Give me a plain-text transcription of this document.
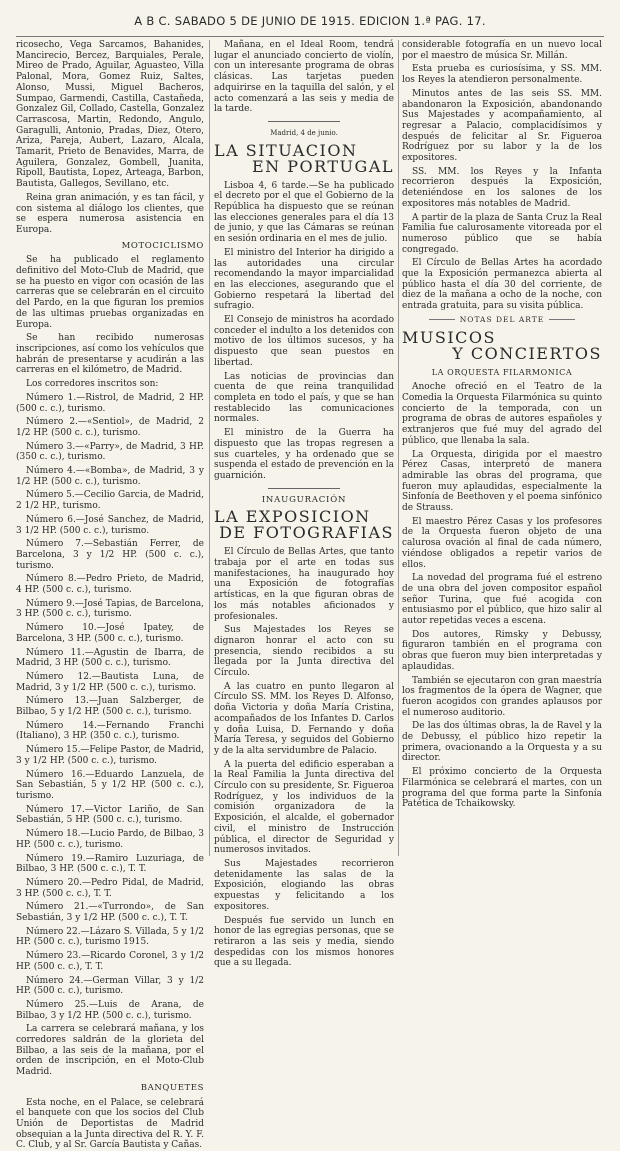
A B C. SABADO 5 DE JUNIO DE 1915. EDICION 1.ª PAG. 17.

ricosecho, Vega Sarcamos, Bahanides, Mancirecio, Bercez, Barquiales, Perale, Mireo de Prado, Aguilar, Aguasteo, Villa Palonal, Mora, Gomez Ruiz, Saltes, Alonso, Mussi, Miguel Bacheros, Sumpao, Garmendi, Castilla, Castañeda, Gonzalez Gil, Collado, Castella, Gonzalez Carrascosa, Martin, Redondo, Angulo, Garagulli, Antonio, Pradas, Diez, Otero, Ariza, Pareja, Aubert, Lazaro, Alcala, Tamarit, Prieto de Benavides, Marra, de Aguilera, Gonzalez, Gombell, Juanita, Ripoll, Bautista, Lopez, Arteaga, Barbon, Bautista, Gallegos, Sevillano, etc.

Reina gran animación, y es tan fácil, y con sistema al diálogo los clientes, que se espera numerosa asistencia en Europa.

MOTOCICLISMO

Se ha publicado el reglamento definitivo del Moto-Club de Madrid, que se ha puesto en vigor con ocasión de las carreras que se celebrarán en el circuito del Pardo, en la que figuran los premios de las ultimas pruebas organizadas en Europa.

Se han recibido numerosas inscripciones, así como los vehículos que habrán de presentarse y acudirán a las carreras en el kilómetro, de Madrid.

Los corredores inscritos son:

Número 1.—Ristrol, de Madrid, 2 HP. (500 c. c.), turismo.

Número 2.—«Sentiol», de Madrid, 2 1/2 HP. (500 c. c.), turismo.

Número 3.—«Parry», de Madrid, 3 HP. (350 c. c.), turismo.

Número 4.—«Bomba», de Madrid, 3 y 1/2 HP. (500 c. c.), turismo.

Número 5.—Cecilio Garcia, de Madrid, 2 1/2 HP., turismo.

Número 6.—José Sanchez, de Madrid, 3 1/2 HP. (500 c. c.), turismo.

Número 7.—Sebastián Ferrer, de Barcelona, 3 y 1/2 HP. (500 c. c.), turismo.

Número 8.—Pedro Prieto, de Madrid, 4 HP. (500 c. c.), turismo.

Número 9.—José Tapias, de Barcelona, 3 HP. (500 c. c.), turismo.

Número 10.—José Ipatey, de Barcelona, 3 HP. (500 c. c.), turismo.

Número 11.—Agustin de Ibarra, de Madrid, 3 HP. (500 c. c.), turismo.

Número 12.—Bautista Luna, de Madrid, 3 y 1/2 HP. (500 c. c.), turismo.

Número 13.—Juan Salzberger, de Bilbao, 5 y 1/2 HP. (500 c. c.), turismo.

Número 14.—Fernando Franchi (Italiano), 3 HP. (350 c. c.), turismo.

Número 15.—Felipe Pastor, de Madrid, 3 y 1/2 HP. (500 c. c.), turismo.

Número 16.—Eduardo Lanzuela, de San Sebastián, 5 y 1/2 HP. (500 c. c.), turismo.

Número 17.—Victor Lariño, de San Sebastián, 5 HP. (500 c. c.), turismo.

Número 18.—Lucio Pardo, de Bilbao, 3 HP. (500 c. c.), turismo.

Número 19.—Ramiro Luzuriaga, de Bilbao, 3 HP. (500 c. c.), T. T.

Número 20.—Pedro Pidal, de Madrid, 3 HP. (500 c. c.), T. T.

Número 21.—«Turrondo», de San Sebastián, 3 y 1/2 HP. (500 c. c.), T. T.

Número 22.—Lázaro S. Villada, 5 y 1/2 HP. (500 c. c.), turismo 1915.

Número 23.—Ricardo Coronel, 3 y 1/2 HP. (500 c. c.), T. T.

Número 24.—German Villar, 3 y 1/2 HP. (500 c. c.), turismo.

Número 25.—Luis de Arana, de Bilbao, 3 y 1/2 HP. (500 c. c.), turismo.

La carrera se celebrará mañana, y los corredores saldrán de la glorieta del Bilbao, a las seis de la mañana, por el orden de inscripción, en el Moto-Club Madrid.

BANQUETES

Esta noche, en el Palace, se celebrará el banquete con que los socios del Club Unión de Deportistas de Madrid obsequian a la Junta directiva del R. Y. F. C. Club, y al Sr. García Bautista y Cañas.

Mañana, en el Ideal Room, tendrá lugar el anunciado concierto de violín, con un interesante programa de obras clásicas. Las tarjetas pueden adquirirse en la taquilla del salón, y el acto comenzará a las seis y media de la tarde.

Madrid, 4 de junio.
LA SITUACION
EN PORTUGAL

Lisboa 4, 6 tarde.—Se ha publicado el decreto por el que el Gobierno de la República ha dispuesto que se reúnan las elecciones generales para el día 13 de junio, y que las Cámaras se reúnan en sesión ordinaria en el mes de julio.

El ministro del Interior ha dirigido a las autoridades una circular recomendando la mayor imparcialidad en las elecciones, asegurando que el Gobierno respetará la libertad del sufragio.

El Consejo de ministros ha acordado conceder el indulto a los detenidos con motivo de los últimos sucesos, y ha dispuesto que sean puestos en libertad.

Las noticias de provincias dan cuenta de que reina tranquilidad completa en todo el país, y que se han restablecido las comunicaciones normales.

El ministro de la Guerra ha dispuesto que las tropas regresen a sus cuarteles, y ha ordenado que se suspenda el estado de prevención en la guarnición.

INAUGURACIÓN
LA EXPOSICION
DE FOTOGRAFIAS

El Círculo de Bellas Artes, que tanto trabaja por el arte en todas sus manifestaciones, ha inaugurado hoy una Exposición de fotografías artísticas, en la que figuran obras de los más notables aficionados y profesionales.

Sus Majestades los Reyes se dignaron honrar el acto con su presencia, siendo recibidos a su llegada por la Junta directiva del Círculo.

A las cuatro en punto llegaron al Círculo SS. MM. los Reyes D. Alfonso, doña Victoria y doña María Cristina, acompañados de los Infantes D. Carlos y doña Luisa, D. Fernando y doña María Teresa, y seguidos del Gobierno y de la alta servidumbre de Palacio.

A la puerta del edificio esperaban a la Real Familia la Junta directiva del Círculo con su presidente, Sr. Figueroa Rodríguez, y los individuos de la comisión organizadora de la Exposición, el alcalde, el gobernador civil, el ministro de Instrucción pública, el director de Seguridad y numerosos invitados.

Sus Majestades recorrieron detenidamente las salas de la Exposición, elogiando las obras expuestas y felicitando a los expositores.

Después fue servido un lunch en honor de las egregias personas, que se retiraron a las seis y media, siendo despedidas con los mismos honores que a su llegada.

considerable fotografía en un nuevo local por el maestro de música Sr. Millán.

Esta prueba es curiosísima, y SS. MM. los Reyes la atendieron personalmente.

Minutos antes de las seis SS. MM. abandonaron la Exposición, abandonando Sus Majestades y acompañamiento, al regresar a Palacio, complacidísimos y después de felicitar al Sr. Figueroa Rodríguez por su labor y la de los expositores.

SS. MM. los Reyes y la Infanta recorrieron después la Exposición, deteniéndose en los salones de los expositores más notables de Madrid.

A partir de la plaza de Santa Cruz la Real Familia fue calurosamente vitoreada por el numeroso público que se había congregado.

El Círculo de Bellas Artes ha acordado que la Exposición permanezca abierta al público hasta el día 30 del corriente, de diez de la mañana a ocho de la noche, con entrada gratuita, para su visita pública.

NOTAS DEL ARTE
MUSICOS
Y CONCIERTOS
LA ORQUESTA FILARMONICA

Anoche ofreció en el Teatro de la Comedia la Orquesta Filarmónica su quinto concierto de la temporada, con un programa de obras de autores españoles y extranjeros que fué muy del agrado del público, que llenaba la sala.

La Orquesta, dirigida por el maestro Pérez Casas, interpretó de manera admirable las obras del programa, que fueron muy aplaudidas, especialmente la Sinfonía de Beethoven y el poema sinfónico de Strauss.

El maestro Pérez Casas y los profesores de la Orquesta fueron objeto de una calurosa ovación al final de cada número, viéndose obligados a repetir varios de ellos.

La novedad del programa fué el estreno de una obra del joven compositor español señor Turina, que fué acogida con entusiasmo por el público, que hizo salir al autor repetidas veces a escena.

Dos autores, Rimsky y Debussy, figuraron también en el programa con obras que fueron muy bien interpretadas y aplaudidas.

También se ejecutaron con gran maestría los fragmentos de la ópera de Wagner, que fueron acogidos con grandes aplausos por el numeroso auditorio.

De las dos últimas obras, la de Ravel y la de Debussy, el público hizo repetir la primera, ovacionando a la Orquesta y a su director.

El próximo concierto de la Orquesta Filarmónica se celebrará el martes, con un programa del que forma parte la Sinfonía Patética de Tchaikowsky.
